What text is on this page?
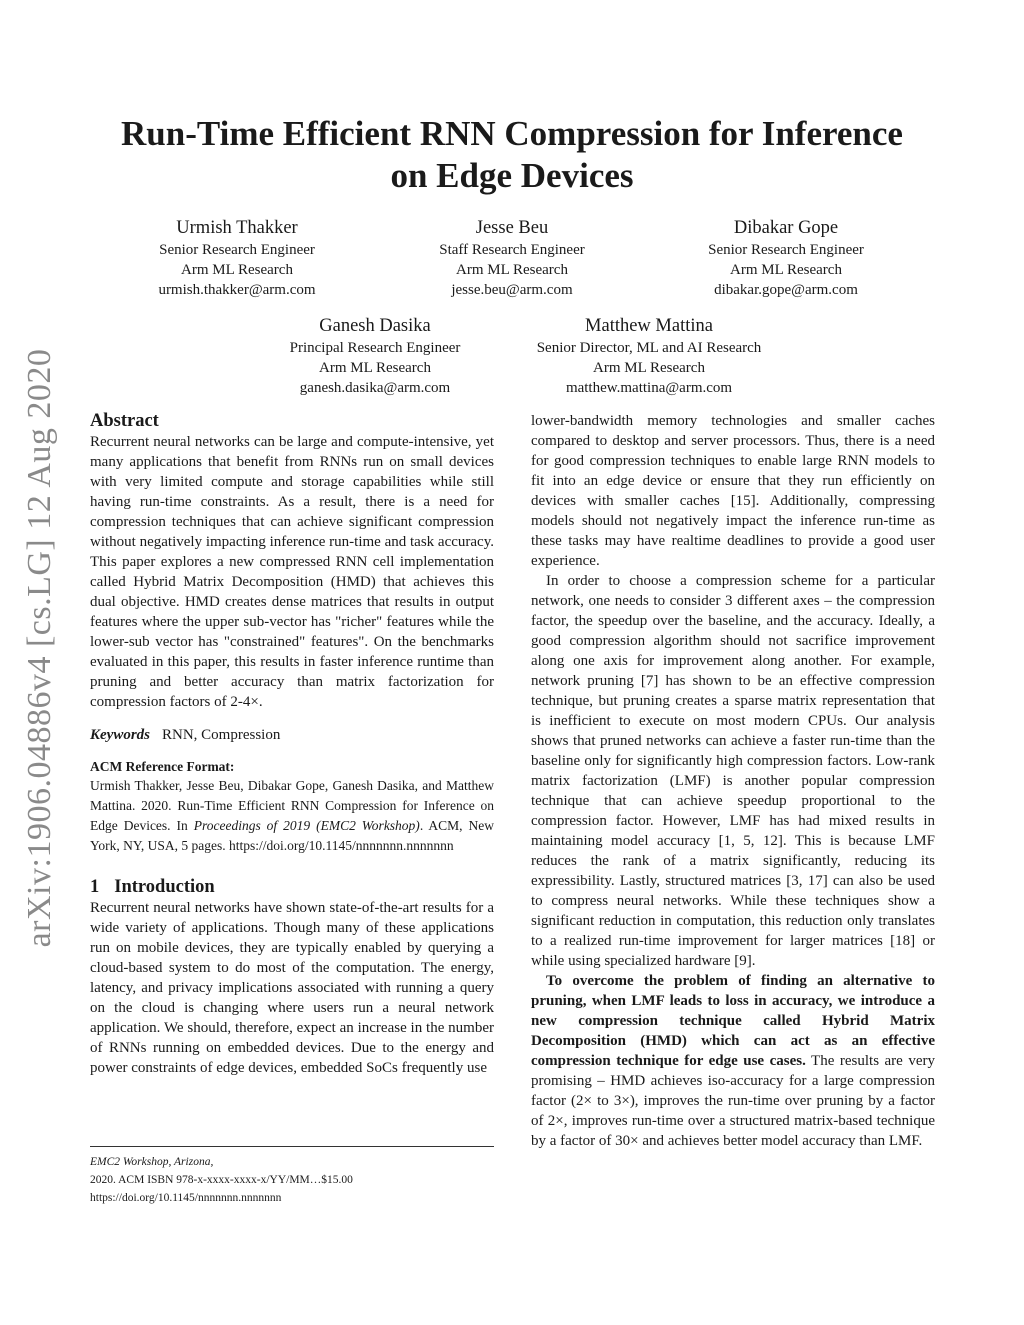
arXiv:1906.04886v4 [cs.LG] 12 Aug 2020
Run-Time Efficient RNN Compression for Inference
on Edge Devices
Urmish Thakker
Senior Research Engineer
Arm ML Research
urmish.thakker@arm.com
Jesse Beu
Staff Research Engineer
Arm ML Research
jesse.beu@arm.com
Dibakar Gope
Senior Research Engineer
Arm ML Research
dibakar.gope@arm.com
Ganesh Dasika
Principal Research Engineer
Arm ML Research
ganesh.dasika@arm.com
Matthew Mattina
Senior Director, ML and AI Research
Arm ML Research
matthew.mattina@arm.com

Abstract

Recurrent neural networks can be large and compute-intensive, yet many applications that benefit from RNNs run on small devices with very limited compute and storage capabilities while still having run-time constraints. As a result, there is a need for compression techniques that can achieve significant compression without negatively impacting inference run-time and task accuracy. This paper explores a new compressed RNN cell implementation called Hybrid Matrix Decomposition (HMD) that achieves this dual objective. HMD creates dense matrices that results in output features where the upper sub-vector has "richer" features while the lower-sub vector has "constrained" features". On the benchmarks evaluated in this paper, this results in faster inference runtime than pruning and better accuracy than matrix factorization for compression factors of 2-4×.

Keywords RNN, Compression

ACM Reference Format:

Urmish Thakker, Jesse Beu, Dibakar Gope, Ganesh Dasika, and Matthew Mattina. 2020. Run-Time Efficient RNN Compression for Inference on Edge Devices. In Proceedings of 2019 (EMC2 Workshop). ACM, New York, NY, USA, 5 pages. https://doi.org/10.1145/nnnnnnn.nnnnnnn

1 Introduction

Recurrent neural networks have shown state-of-the-art results for a wide variety of applications. Though many of these applications run on mobile devices, they are typically enabled by querying a cloud-based system to do most of the computation. The energy, latency, and privacy implications associated with running a query on the cloud is changing where users run a neural network application. We should, therefore, expect an increase in the number of RNNs running on embedded devices. Due to the energy and power constraints of edge devices, embedded SoCs frequently use

lower-bandwidth memory technologies and smaller caches compared to desktop and server processors. Thus, there is a need for good compression techniques to enable large RNN models to fit into an edge device or ensure that they run efficiently on devices with smaller caches [15]. Additionally, compressing models should not negatively impact the inference run-time as these tasks may have realtime deadlines to provide a good user experience.

In order to choose a compression scheme for a particular network, one needs to consider 3 different axes – the compression factor, the speedup over the baseline, and the accuracy. Ideally, a good compression algorithm should not sacrifice improvement along one axis for improvement along another. For example, network pruning [7] has shown to be an effective compression technique, but pruning creates a sparse matrix representation that is inefficient to execute on most modern CPUs. Our analysis shows that pruned networks can achieve a faster run-time than the baseline only for significantly high compression factors. Low-rank matrix factorization (LMF) is another popular compression technique that can achieve speedup proportional to the compression factor. However, LMF has had mixed results in maintaining model accuracy [1, 5, 12]. This is because LMF reduces the rank of a matrix significantly, reducing its expressibility. Lastly, structured matrices [3, 17] can also be used to compress neural networks. While these techniques show a significant reduction in computation, this reduction only translates to a realized run-time improvement for larger matrices [18] or while using specialized hardware [9].

To overcome the problem of finding an alternative to pruning, when LMF leads to loss in accuracy, we introduce a new compression technique called Hybrid Matrix Decomposition (HMD) which can act as an effective compression technique for edge use cases. The results are very promising – HMD achieves iso-accuracy for a large compression factor (2× to 3×), improves the run-time over pruning by a factor of 2×, improves run-time over a structured matrix-based technique by a factor of 30× and achieves better model accuracy than LMF.

EMC2 Workshop, Arizona,
2020. ACM ISBN 978-x-xxxx-xxxx-x/YY/MM…$15.00
https://doi.org/10.1145/nnnnnnn.nnnnnnn
